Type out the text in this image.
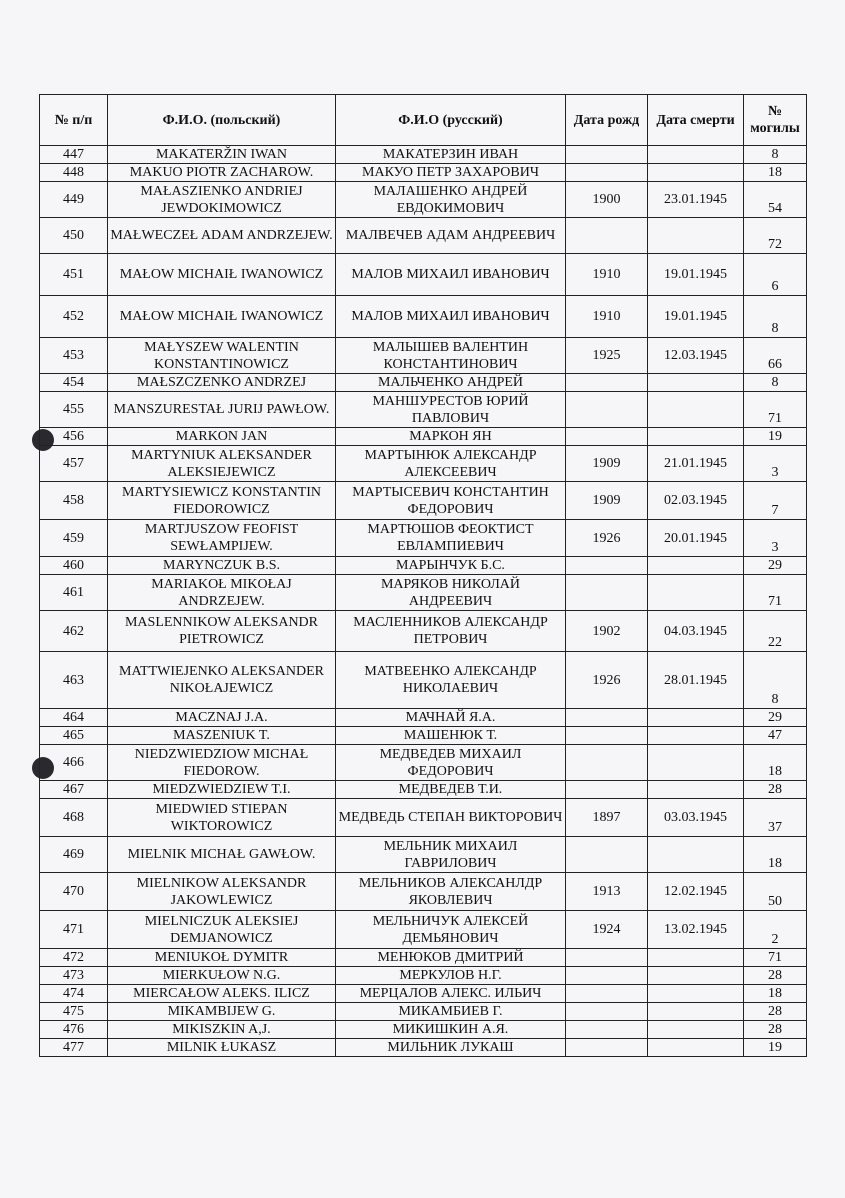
№ п/п	Ф.И.О. (польский)	Ф.И.О (русский)	Дата рожд	Дата смерти	№
могилы
447	MAKATERŽIN IWAN	МАКАТЕРЗИН ИВАН			8
448	MAKUO PIOTR ZACHAROW.	МАКУО ПЕТР ЗАХАРОВИЧ			18
449	MAŁASZIENKO ANDRIEJ JEWDOKIMOWICZ	МАЛАШЕНКО АНДРЕЙ ЕВДОКИМОВИЧ	1900	23.01.1945	54
450	MAŁWECZEŁ ADAM ANDRZEJEW.	МАЛВЕЧЕВ АДАМ АНДРЕЕВИЧ			72
451	MAŁOW MICHAIŁ IWANOWICZ	МАЛОВ МИХАИЛ ИВАНОВИЧ	1910	19.01.1945	6
452	MAŁOW MICHAIŁ IWANOWICZ	МАЛОВ МИХАИЛ ИВАНОВИЧ	1910	19.01.1945	8
453	MAŁYSZEW WALENTIN KONSTANTINOWICZ	МАЛЫШЕВ ВАЛЕНТИН КОНСТАНТИНОВИЧ	1925	12.03.1945	66
454	MAŁSZCZENKO ANDRZEJ	МАЛЬЧЕНКО АНДРЕЙ			8
455	MANSZURESTAŁ JURIJ PAWŁOW.	МАНШУРЕСТОВ ЮРИЙ ПАВЛОВИЧ			71
456	MARKON JAN	МАРКОН ЯН			19
457	MARTYNIUK ALEKSANDER ALEKSIEJEWICZ	МАРТЫНЮК АЛЕКСАНДР АЛЕКСЕЕВИЧ	1909	21.01.1945	3
458	MARTYSIEWICZ KONSTANTIN FIEDOROWICZ	МАРТЫСЕВИЧ КОНСТАНТИН ФЕДОРОВИЧ	1909	02.03.1945	7
459	MARTJUSZOW FEOFIST SEWŁAMPIJEW.	МАРТЮШОВ ФЕОКТИСТ ЕВЛАМПИЕВИЧ	1926	20.01.1945	3
460	MARYNCZUK B.S.	МАРЫНЧУК Б.С.			29
461	MARIAKOŁ MIKOŁAJ ANDRZEJEW.	МАРЯКОВ НИКОЛАЙ АНДРЕЕВИЧ			71
462	MASLENNIKOW ALEKSANDR PIETROWICZ	МАСЛЕННИКОВ АЛЕКСАНДР ПЕТРОВИЧ	1902	04.03.1945	22
463	MATTWIEJENKO ALEKSANDER NIKOŁAJEWICZ	МАТВЕЕНКО АЛЕКСАНДР НИКОЛАЕВИЧ	1926	28.01.1945	8
464	MACZNAJ J.A.	МАЧНАЙ Я.А.			29
465	MASZENIUK T.	МАШЕНЮК Т.			47
466	NIEDZWIEDZIOW MICHAŁ FIEDOROW.	МЕДВЕДЕВ МИХАИЛ ФЕДОРОВИЧ			18
467	MIEDZWIEDZIEW T.I.	МЕДВЕДЕВ Т.И.			28
468	MIEDWIED STIEPAN WIKTOROWICZ	МЕДВЕДЬ СТЕПАН ВИКТОРОВИЧ	1897	03.03.1945	37
469	MIELNIK MICHAŁ GAWŁOW.	МЕЛЬНИК МИХАИЛ ГАВРИЛОВИЧ			18
470	MIELNIKOW ALEKSANDR JAKOWLEWICZ	МЕЛЬНИКОВ АЛЕКСАНЛДР ЯКОВЛЕВИЧ	1913	12.02.1945	50
471	MIELNICZUK ALEKSIEJ DEMJANOWICZ	МЕЛЬНИЧУК АЛЕКСЕЙ ДЕМЬЯНОВИЧ	1924	13.02.1945	2
472	MENIUKOŁ DYMITR	МЕНЮКОВ ДМИТРИЙ			71
473	MIERKUŁOW N.G.	МЕРКУЛОВ Н.Г.			28
474	MIERCAŁOW ALEKS. ILICZ	МЕРЦАЛОВ АЛЕКС. ИЛЬИЧ			18
475	MIKAMBIJEW G.	МИКАМБИЕВ Г.			28
476	MIKISZKIN A,J.	МИКИШКИН А.Я.			28
477	MILNIK ŁUKASZ	МИЛЬНИК ЛУКАШ			19
